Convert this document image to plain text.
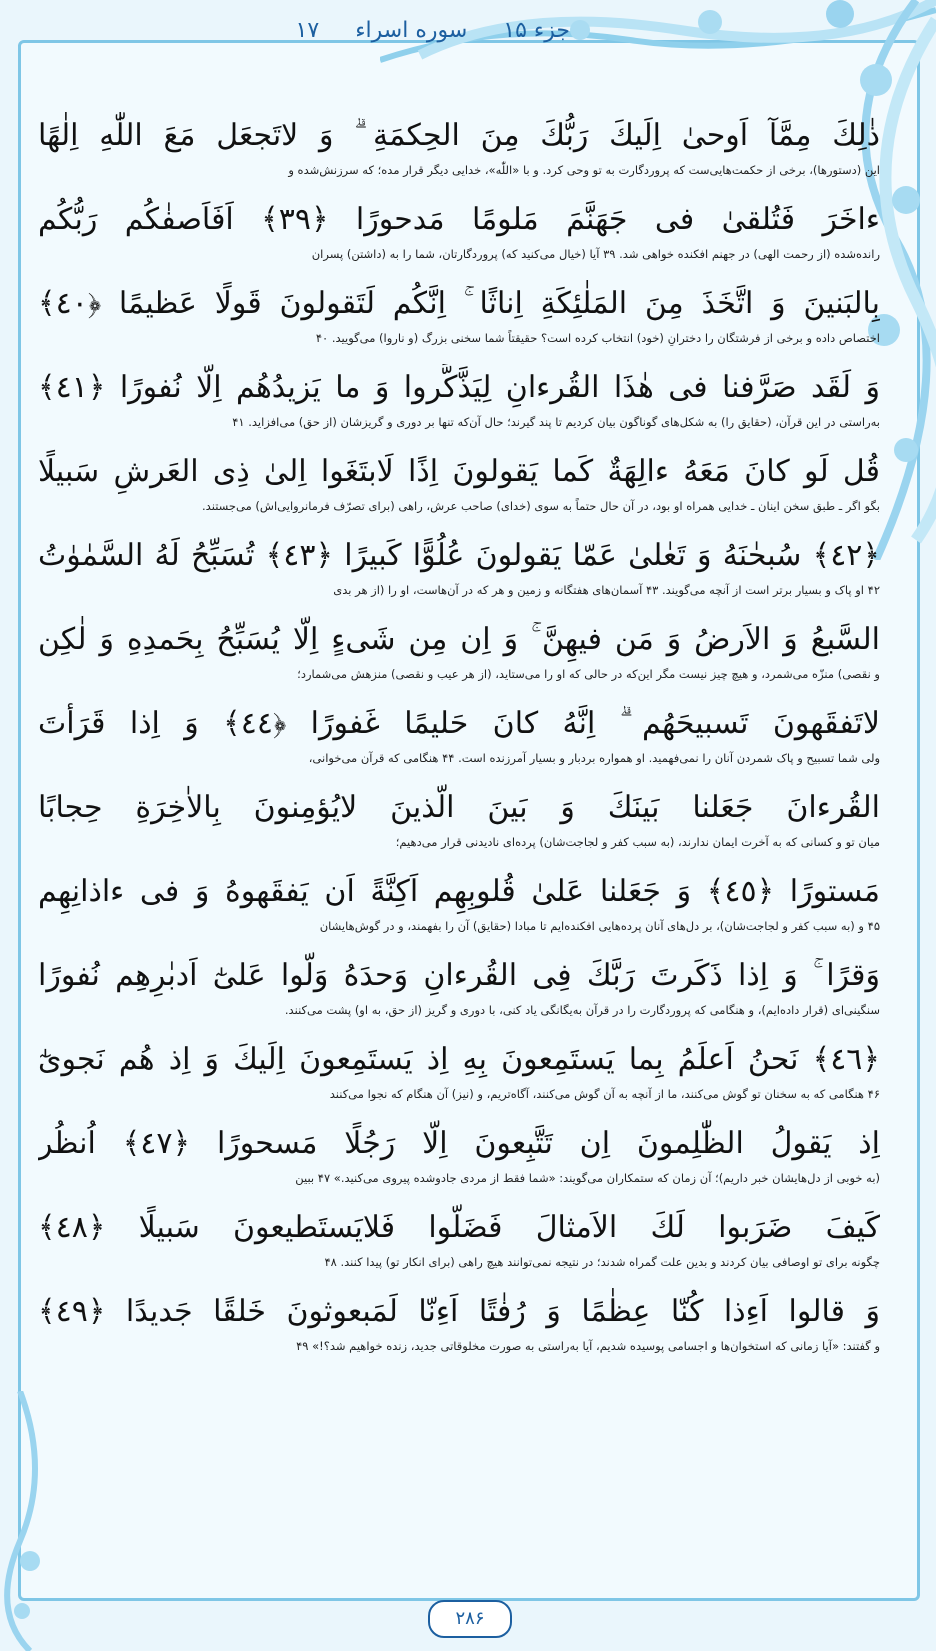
جزء ۱۵
سوره اسراء
۱۷
ذٰلِكَ مِمَّآ اَوحىٰ اِلَيكَ رَبُّكَ مِنَ الحِكمَةِ ۗ وَ لاتَجعَل مَعَ اللّٰهِ اِلٰهًا
این (دستورها)، برخی از حکمت‌هایی‌ست که پروردگارت به تو وحی کرد. و با «اللّٰه»، خدایی دیگر قرار مده؛ که سرزنش‌شده و
ءاخَرَ فَتُلقىٰ فی جَهَنَّمَ مَلومًا مَدحورًا ﴿٣٩﴾ اَفَاَصفٰكُم رَبُّكُم
رانده‌شده (از رحمت الهی) در جهنم افکنده خواهی شد. ۳۹ آیا (خیال می‌کنید که) پروردگارتان، شما را به (داشتن) پسران
بِالبَنينَ وَ اتَّخَذَ مِنَ المَلٰئِكَةِ اِناثًا ۚ اِنَّكُم لَتَقولونَ قَولًا عَظيمًا ﴿٤٠﴾
اختصاص داده و برخی از فرشتگان را دخترانِ (خود) انتخاب کرده است؟ حقیقتاً شما سخنی بزرگ (و ناروا) می‌گویید. ۴۰
وَ لَقَد صَرَّفنا فی هٰذَا القُرءانِ لِيَذَّكَّروا وَ ما يَزيدُهُم اِلّا نُفورًا ﴿٤١﴾
به‌راستی در این قرآن، (حقایق را) به شکل‌های گوناگون بیان کردیم تا پند گیرند؛ حال آن‌که تنها بر دوری و گریزشان (از حق) می‌افزاید. ۴۱
قُل لَو كانَ مَعَهُ ءالِهَةٌ كَما يَقولونَ اِذًا لَابتَغَوا اِلىٰ ذِى العَرشِ سَبيلًا
بگو اگر ـ طبق سخن اینان ـ خدایی همراه او بود، در آن حال حتماً به سوی (خدای) صاحب عرش، راهی (برای تصرّف فرمانروایی‌اش) می‌جستند.
﴿٤٢﴾ سُبحٰنَهُ وَ تَعٰلىٰ عَمّا يَقولونَ عُلُوًّا كَبيرًا ﴿٤٣﴾ تُسَبِّحُ لَهُ السَّمٰوٰتُ
۴۲ او پاک و بسیار برتر است از آنچه می‌گویند. ۴۳ آسمان‌های هفتگانه و زمین و هر که در آن‌هاست، او را (از هر بدی
السَّبعُ وَ الاَرضُ وَ مَن فيهِنَّ ۚ وَ اِن مِن شَیءٍ اِلّا يُسَبِّحُ بِحَمدِهِ وَ لٰكِن
و نقصی) منزّه می‌شمرد، و هیچ چیز نیست مگر این‌که در حالی که او را می‌ستاید، (از هر عیب و نقصی) منزهش می‌شمارد؛
لاتَفقَهونَ تَسبيحَهُم ۗ اِنَّهُ كانَ حَليمًا غَفورًا ﴿٤٤﴾ وَ اِذا قَرَأتَ
ولی شما تسبیح و پاک شمردن آنان را نمی‌فهمید. او همواره بردبار و بسیار آمرزنده است. ۴۴ هنگامی که قرآن می‌خوانی،
القُرءانَ جَعَلنا بَينَكَ وَ بَينَ الَّذينَ لايُؤمِنونَ بِالاٰخِرَةِ حِجابًا
میان تو و کسانی که به آخرت ایمان ندارند، (به سبب کفر و لجاجت‌شان) پرده‌ای نادیدنی قرار می‌دهیم؛
مَستورًا ﴿٤٥﴾ وَ جَعَلنا عَلىٰ قُلوبِهِم اَكِنَّةً اَن يَفقَهوهُ وَ فی ءاذانِهِم
۴۵ و (به سبب کفر و لجاجت‌شان)، بر دل‌های آنان پرده‌هایی افکنده‌ایم تا مبادا (حقایق) آن را بفهمند، و در گوش‌هایشان
وَقرًا ۚ وَ اِذا ذَكَرتَ رَبَّكَ فِی القُرءانِ وَحدَهُ وَلَّوا عَلىٰٓ اَدبٰرِهِم نُفورًا
سنگینی‌ای (قرار داده‌ایم)، و هنگامی که پروردگارت را در قرآن به‌یگانگی یاد کنی، با دوری و گریز (از حق، به او) پشت می‌کنند.
﴿٤٦﴾ نَحنُ اَعلَمُ بِما يَستَمِعونَ بِهِ اِذ يَستَمِعونَ اِلَيكَ وَ اِذ هُم نَجوىٰٓ
۴۶ هنگامی که به سخنان تو گوش می‌کنند، ما از آنچه به آن گوش می‌کنند، آگاه‌تریم، و (نیز) آن هنگام که نجوا می‌کنند
اِذ يَقولُ الظّٰلِمونَ اِن تَتَّبِعونَ اِلّا رَجُلًا مَسحورًا ﴿٤٧﴾ اُنظُر
(به خوبی از دل‌هایشان خبر داریم)؛ آن زمان که ستمکاران می‌گویند: «شما فقط از مردی جادوشده پیروی می‌کنید.» ۴۷ ببین
كَيفَ ضَرَبوا لَكَ الاَمثالَ فَضَلّوا فَلايَستَطيعونَ سَبيلًا ﴿٤٨﴾
چگونه برای تو اوصافی بیان کردند و بدین علت گمراه شدند؛ در نتیجه نمی‌توانند هیچ راهی (برای انکار تو) پیدا کنند. ۴۸
وَ قالوا اَءِذا كُنّا عِظٰمًا وَ رُفٰتًا اَءِنّا لَمَبعوثونَ خَلقًا جَديدًا ﴿٤٩﴾
و گفتند: «آیا زمانی که استخوان‌ها و اجسامی پوسیده شدیم، آیا به‌راستی به صورت مخلوقاتی جدید، زنده خواهیم شد؟!» ۴۹
۲۸۶
